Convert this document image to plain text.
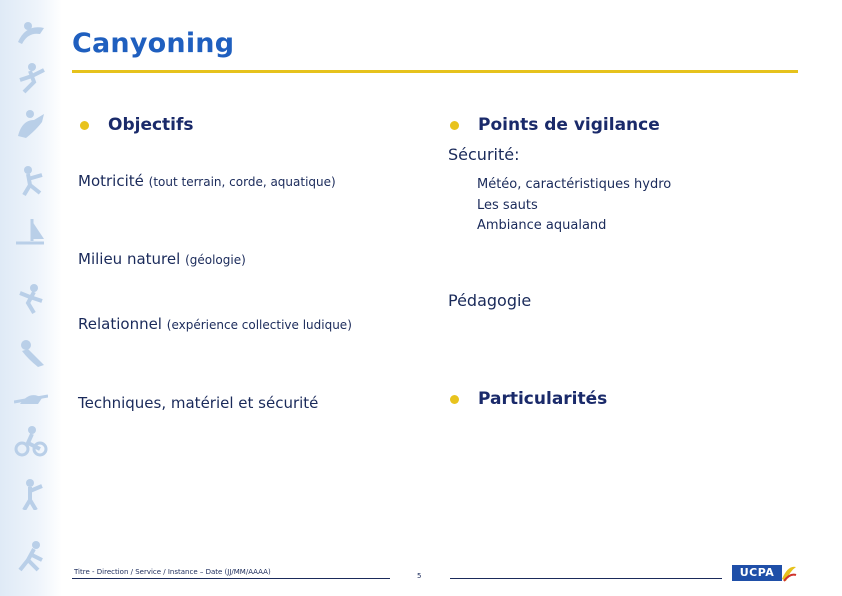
Canyoning
Objectifs
Motricité (tout terrain, corde, aquatique)
Milieu naturel (géologie)
Relationnel (expérience collective ludique)
Techniques, matériel et sécurité
Points de vigilance
Sécurité:
Météo, caractéristiques hydro
Les sauts
Ambiance aqualand
Pédagogie
Particularités
Titre - Direction / Service / Instance – Date (JJ/MM/AAAA)	5	UCPA
